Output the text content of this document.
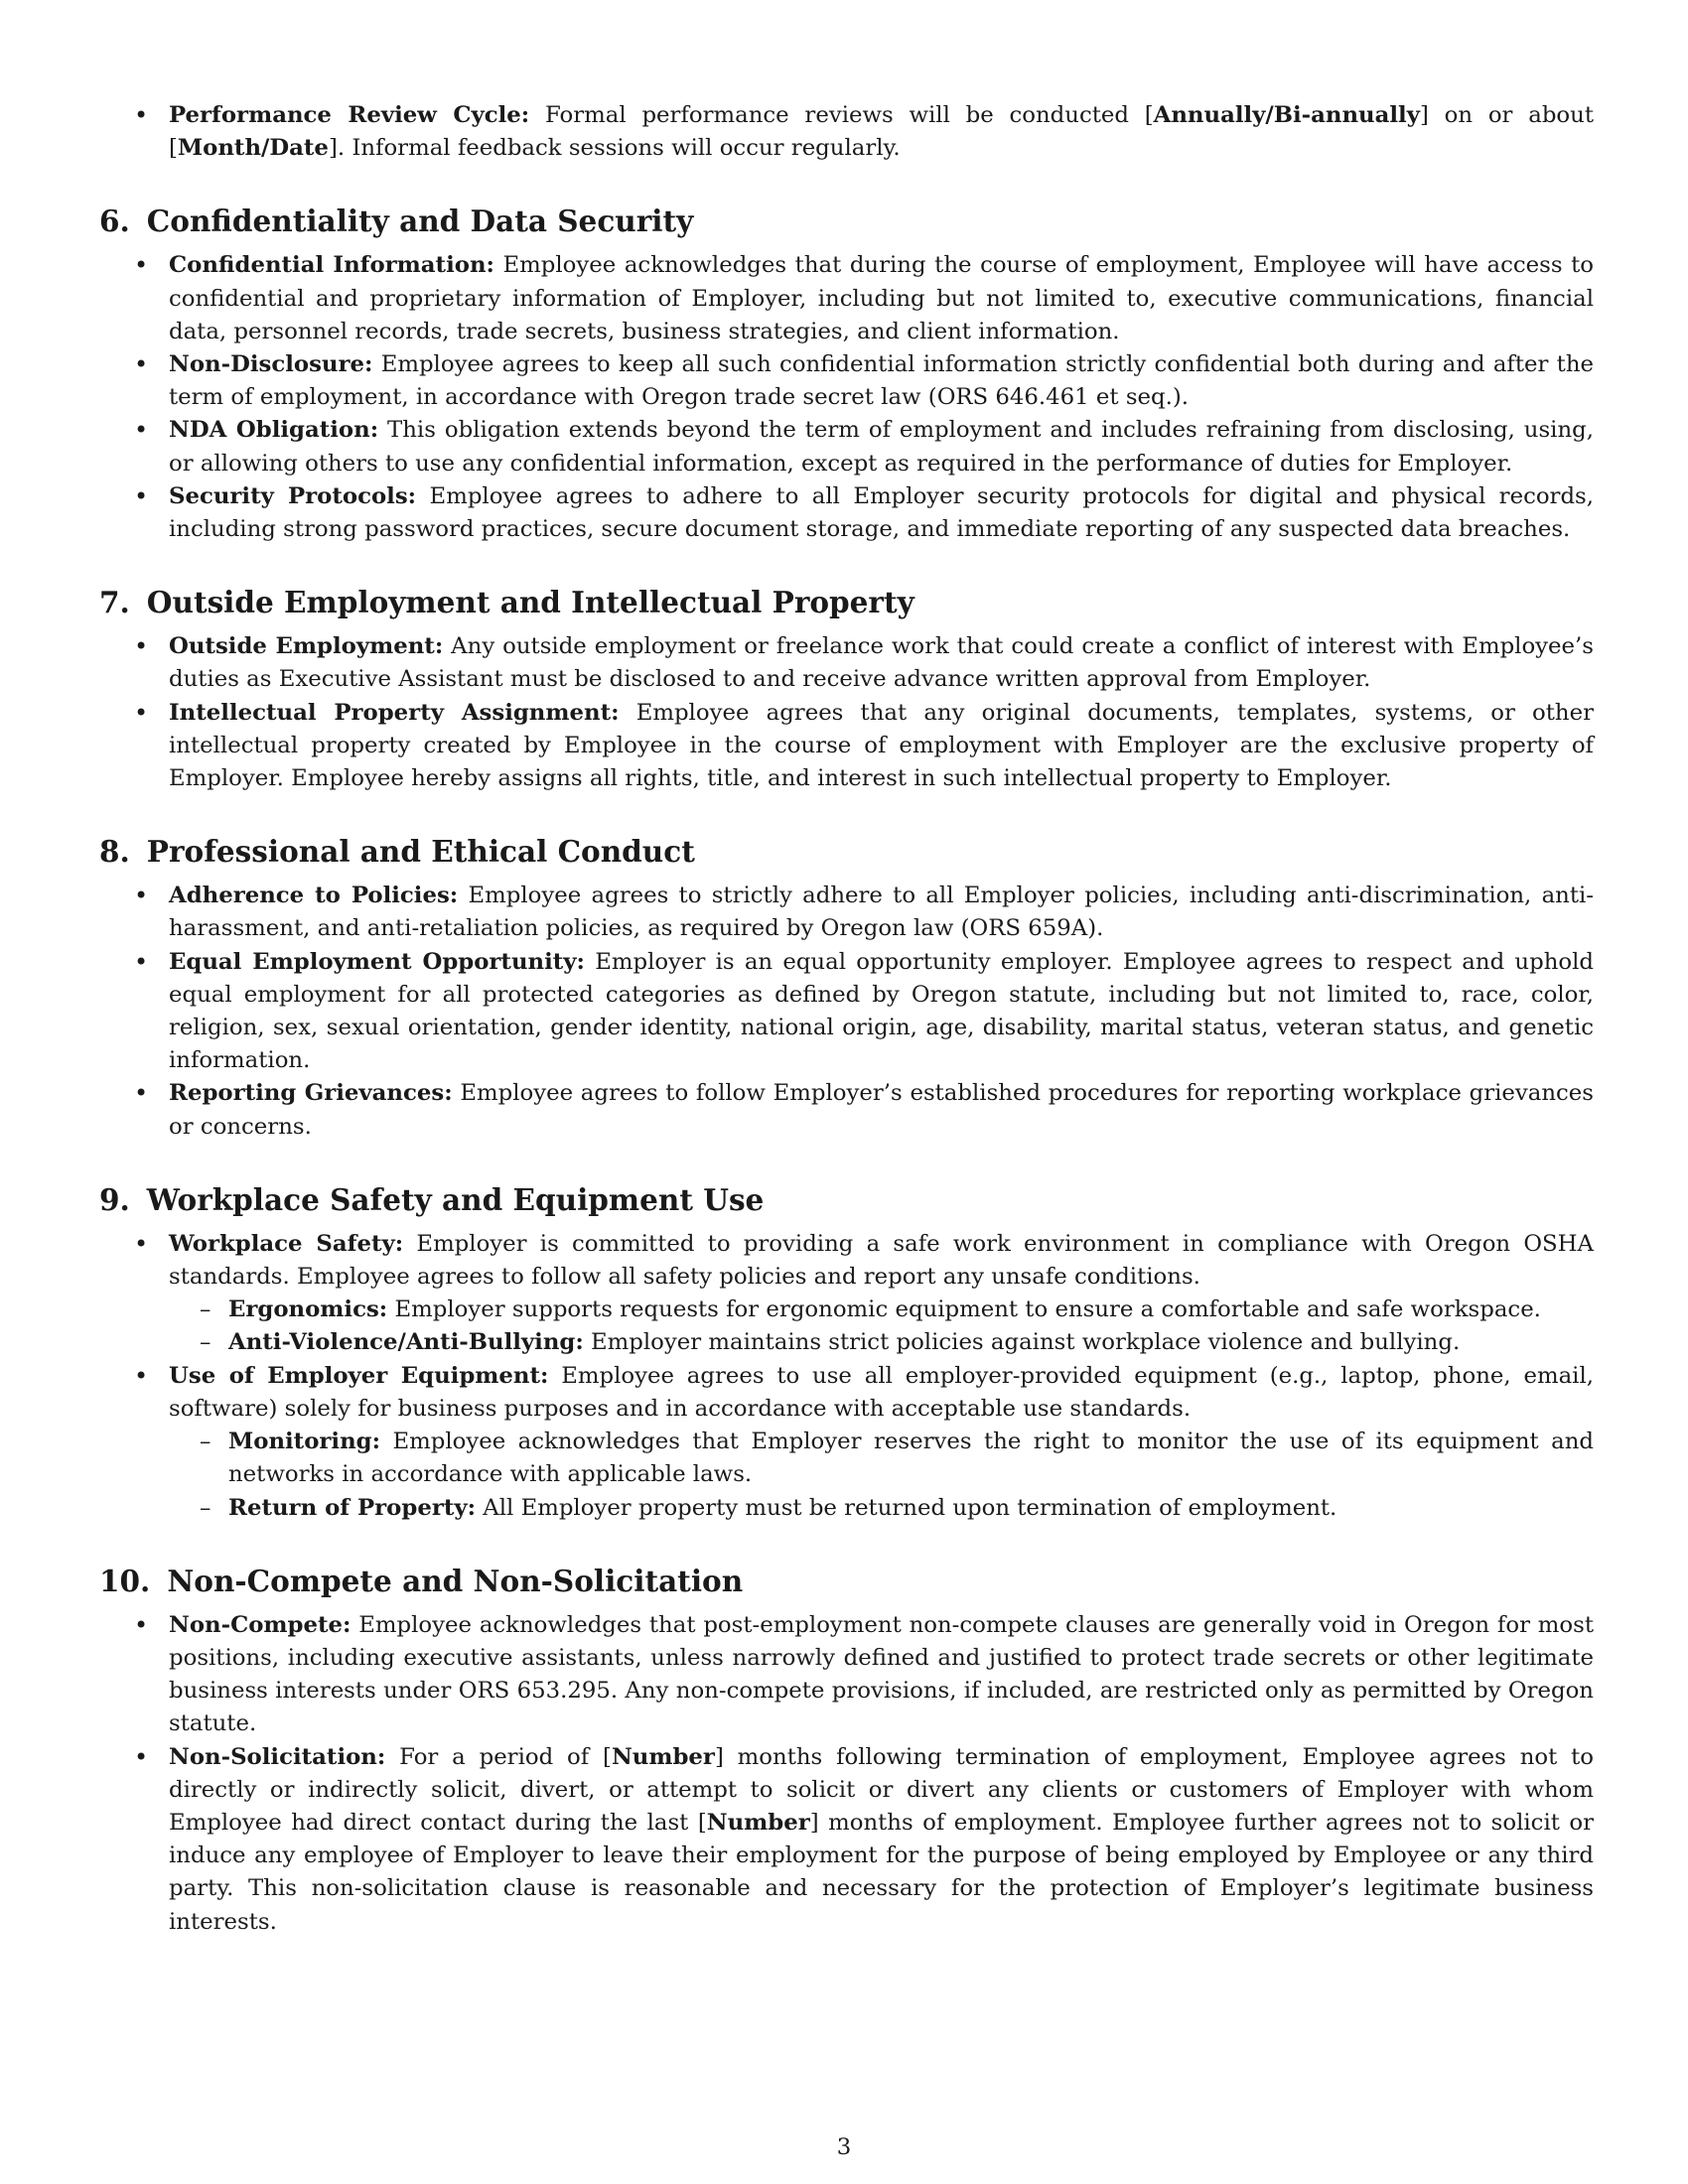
• Performance Review Cycle: Formal performance reviews will be conducted [Annually/Bi-annually] on or about [Month/Date]. Informal feedback sessions will occur regularly.
6. Confidentiality and Data Security
• Confidential Information: Employee acknowledges that during the course of employment, Employee will have access to confidential and proprietary information of Employer, including but not limited to, executive communications, financial data, personnel records, trade secrets, business strategies, and client information.
• Non-Disclosure: Employee agrees to keep all such confidential information strictly confidential both during and after the term of employment, in accordance with Oregon trade secret law (ORS 646.461 et seq.).
• NDA Obligation: This obligation extends beyond the term of employment and includes refraining from disclosing, using, or allowing others to use any confidential information, except as required in the performance of duties for Employer.
• Security Protocols: Employee agrees to adhere to all Employer security protocols for digital and physical records, including strong password practices, secure document storage, and immediate reporting of any suspected data breaches.
7. Outside Employment and Intellectual Property
• Outside Employment: Any outside employment or freelance work that could create a conflict of interest with Employee’s duties as Executive Assistant must be disclosed to and receive advance written approval from Employer.
• Intellectual Property Assignment: Employee agrees that any original documents, templates, systems, or other intellectual property created by Employee in the course of employment with Employer are the exclusive property of Employer. Employee hereby assigns all rights, title, and interest in such intellectual property to Employer.
8. Professional and Ethical Conduct
• Adherence to Policies: Employee agrees to strictly adhere to all Employer policies, including anti-discrimination, anti-harassment, and anti-retaliation policies, as required by Oregon law (ORS 659A).
• Equal Employment Opportunity: Employer is an equal opportunity employer. Employee agrees to respect and uphold equal employment for all protected categories as defined by Oregon statute, including but not limited to, race, color, religion, sex, sexual orientation, gender identity, national origin, age, disability, marital status, veteran status, and genetic information.
• Reporting Grievances: Employee agrees to follow Employer’s established procedures for reporting workplace grievances or concerns.
9. Workplace Safety and Equipment Use
• Workplace Safety: Employer is committed to providing a safe work environment in compliance with Oregon OSHA standards. Employee agrees to follow all safety policies and report any unsafe conditions.
– Ergonomics: Employer supports requests for ergonomic equipment to ensure a comfortable and safe workspace.
– Anti-Violence/Anti-Bullying: Employer maintains strict policies against workplace violence and bullying.
• Use of Employer Equipment: Employee agrees to use all employer-provided equipment (e.g., laptop, phone, email, software) solely for business purposes and in accordance with acceptable use standards.
– Monitoring: Employee acknowledges that Employer reserves the right to monitor the use of its equipment and networks in accordance with applicable laws.
– Return of Property: All Employer property must be returned upon termination of employment.
10. Non-Compete and Non-Solicitation
• Non-Compete: Employee acknowledges that post-employment non-compete clauses are generally void in Oregon for most positions, including executive assistants, unless narrowly defined and justified to protect trade secrets or other legitimate business interests under ORS 653.295. Any non-compete provisions, if included, are restricted only as permitted by Oregon statute.
• Non-Solicitation: For a period of [Number] months following termination of employment, Employee agrees not to directly or indirectly solicit, divert, or attempt to solicit or divert any clients or customers of Employer with whom Employee had direct contact during the last [Number] months of employment. Employee further agrees not to solicit or induce any employee of Employer to leave their employment for the purpose of being employed by Employee or any third party. This non-solicitation clause is reasonable and necessary for the protection of Employer’s legitimate business interests.
3
